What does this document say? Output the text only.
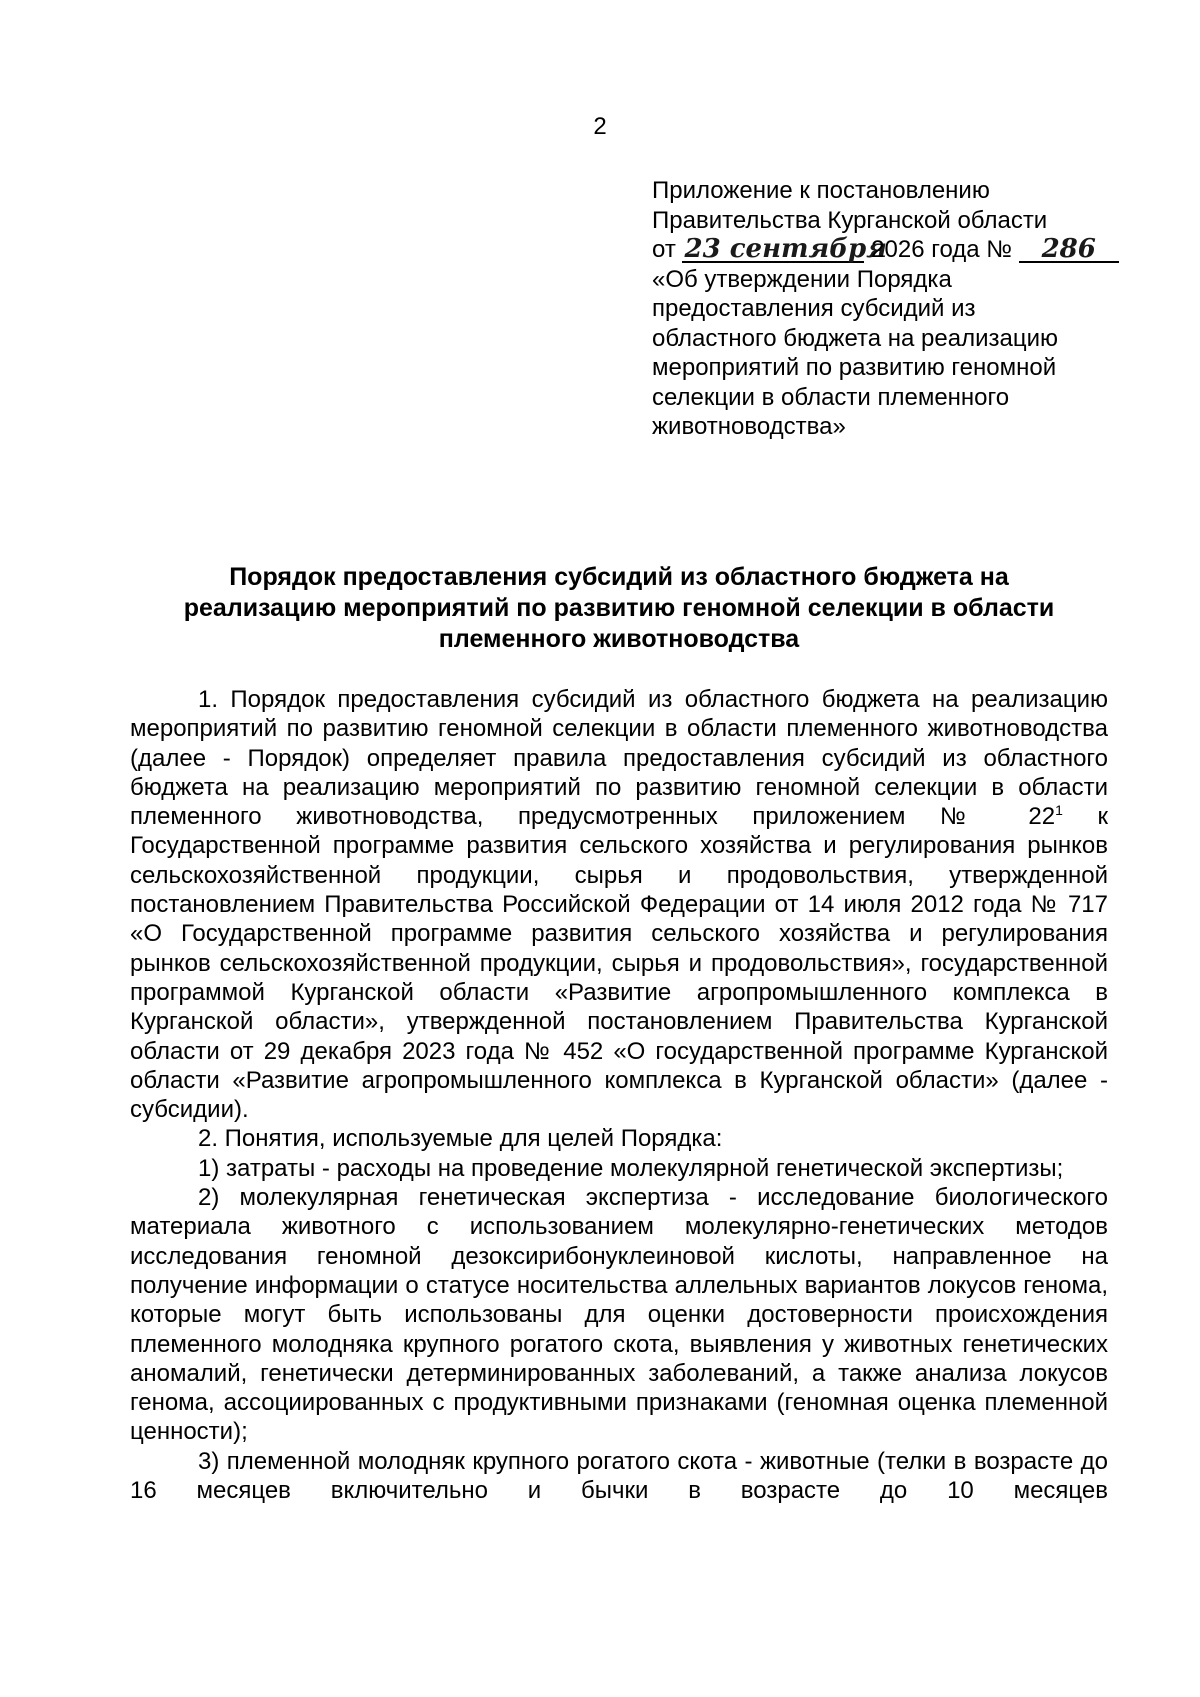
2
Приложение к постановлению
Правительства Курганской области
от 23 сентября 2026 года № 286
«Об утверждении Порядка
предоставления субсидий из
областного бюджета на реализацию
мероприятий по развитию геномной
селекции в области племенного
животноводства»
Порядок предоставления субсидий из областного бюджета на
реализацию мероприятий по развитию геномной селекции в области
племенного животноводства

1. Порядок предоставления субсидий из областного бюджета на реализацию мероприятий по развитию геномной селекции в области племенного животноводства (далее - Порядок) определяет правила предоставления субсидий из областного бюджета на реализацию мероприятий по развитию геномной селекции в области племенного животноводства, предусмотренных приложением № $22^1$ к Государственной программе развития сельского хозяйства и регулирования рынков сельскохозяйственной продукции, сырья и продовольствия, утвержденной постановлением Правительства Российской Федерации от 14 июля 2012 года № 717 «О Государственной программе развития сельского хозяйства и регулирования рынков сельскохозяйственной продукции, сырья и продовольствия», государственной программой Курганской области «Развитие агропромышленного комплекса в Курганской области», утвержденной постановлением Правительства Курганской области от 29 декабря 2023 года № 452 «О государственной программе Курганской области «Развитие агропромышленного комплекса в Курганской области» (далее - субсидии).

2. Понятия, используемые для целей Порядка:

1) затраты - расходы на проведение молекулярной генетической экспертизы;

2) молекулярная генетическая экспертиза - исследование биологического материала животного с использованием молекулярно-генетических методов исследования геномной дезоксирибонуклеиновой кислоты, направленное на получение информации о статусе носительства аллельных вариантов локусов генома, которые могут быть использованы для оценки достоверности происхождения племенного молодняка крупного рогатого скота, выявления у животных генетических аномалий, генетически детерминированных заболеваний, а также анализа локусов генома, ассоциированных с продуктивными признаками (геномная оценка племенной ценности);

3) племенной молодняк крупного рогатого скота - животные (телки в возрасте до 16 месяцев включительно и бычки в возрасте до 10 месяцев
